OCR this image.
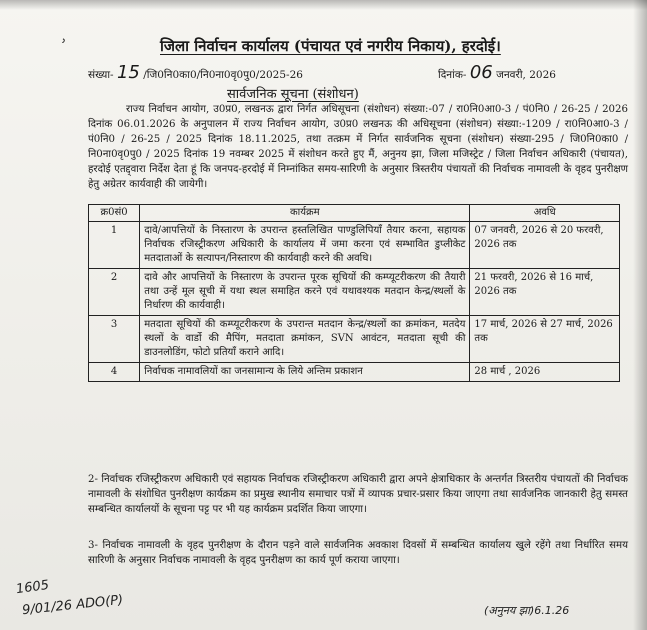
ʾ	जिला निर्वाचन कार्यालय (पंचायत एवं नगरीय निकाय), हरदोई।
संख्या- 15 /जि0नि0का0/नि0ना0वृ0पु0/2025-26	दिनांक- 06 जनवरी, 2026
सार्वजनिक सूचना (संशोधन)
राज्य निर्वाचन आयोग, उ0प्र0, लखनऊ द्वारा निर्गत अधिसूचना (संशोधन) संख्या:-07 / रा0नि0आ0-3 / पं0नि0 / 26-25 / 2026 दिनांक 06.01.2026 के अनुपालन में राज्य निर्वाचन आयोग, उ0प्र0 लखनऊ की अधिसूचना (संशोधन) संख्या:-1209 / रा0नि0आ0-3 / पं0नि0 / 26-25 / 2025 दिनांक 18.11.2025, तथा तत्क्रम में निर्गत सार्वजनिक सूचना (संशोधन) संख्या-295 / जि0नि0का0 / नि0ना0वृ0पु0 / 2025 दिनांक 19 नवम्बर 2025 में संशोधन करते हुए मैं, अनुनय झा, जिला मजिस्ट्रेट / जिला निर्वाचन अधिकारी (पंचायत), हरदोई एतद्द्वारा निर्देश देता हूं कि जनपद-हरदोई में निम्नांकित समय-सारिणी के अनुसार त्रिस्तरीय पंचायतों की निर्वाचक नामावली के वृहद पुनरीक्षण हेतु अग्रेतर कार्यवाही की जायेगी।
क्र0सं0	कार्यक्रम	अवधि
1	दावे/आपत्तियों के निस्तारण के उपरान्त हस्तलिखित पाण्डुलिपियाँ तैयार करना, सहायक निर्वाचक रजिस्ट्रीकरण अधिकारी के कार्यालय में जमा करना एवं सम्भावित डुप्लीकेट मतदाताओं के सत्यापन/निस्तारण की कार्यवाही करने की अवधि।	07 जनवरी, 2026 से 20 फरवरी, 2026 तक
2	दावे और आपत्तियों के निस्तारण के उपरान्त पूरक सूचियों की कम्प्यूटरीकरण की तैयारी तथा उन्हें मूल सूची में यथा स्थल समाहित करने एवं यथावश्यक मतदान केन्द्र/स्थलों के निर्धारण की कार्यवाही।	21 फरवरी, 2026 से 16 मार्च, 2026 तक
3	मतदाता सूचियों की कम्प्यूटरीकरण के उपरान्त मतदान केन्द्र/स्थलों का क्रमांकन, मतदेय स्थलों के वार्डो की मैपिंग, मतदाता क्रमांकन, SVN आवंटन, मतदाता सूची की डाउनलोडिंग, फोटो प्रतियाँ कराने आदि।	17 मार्च, 2026 से 27 मार्च, 2026 तक
4	निर्वाचक नामावलियों का जनसामान्य के लिये अन्तिम प्रकाशन	28 मार्च , 2026
2- निर्वाचक रजिस्ट्रीकरण अधिकारी एवं सहायक निर्वाचक रजिस्ट्रीकरण अधिकारी द्वारा अपने क्षेत्राधिकार के अन्तर्गत त्रिस्तरीय पंचायतों की निर्वाचक नामावली के संशोधित पुनरीक्षण कार्यक्रम का प्रमुख स्थानीय समाचार पत्रों में व्यापक प्रचार-प्रसार किया जाएगा तथा सार्वजनिक जानकारी हेतु समस्त सम्बन्धित कार्यालयों के सूचना पट्ट पर भी यह कार्यक्रम प्रदर्शित किया जाएगा।
3- निर्वाचक नामावली के वृहद पुनरीक्षण के दौरान पड़ने वाले सार्वजनिक अवकाश दिवसों में सम्बन्धित कार्यालय खुले रहेंगे तथा निर्धारित समय सारिणी के अनुसार निर्वाचक नामावली के वृहद पुनरीक्षण का कार्य पूर्ण कराया जाएगा।
(अनुनय झा)6.1.26
1605
9/01/26 ADO(P)
